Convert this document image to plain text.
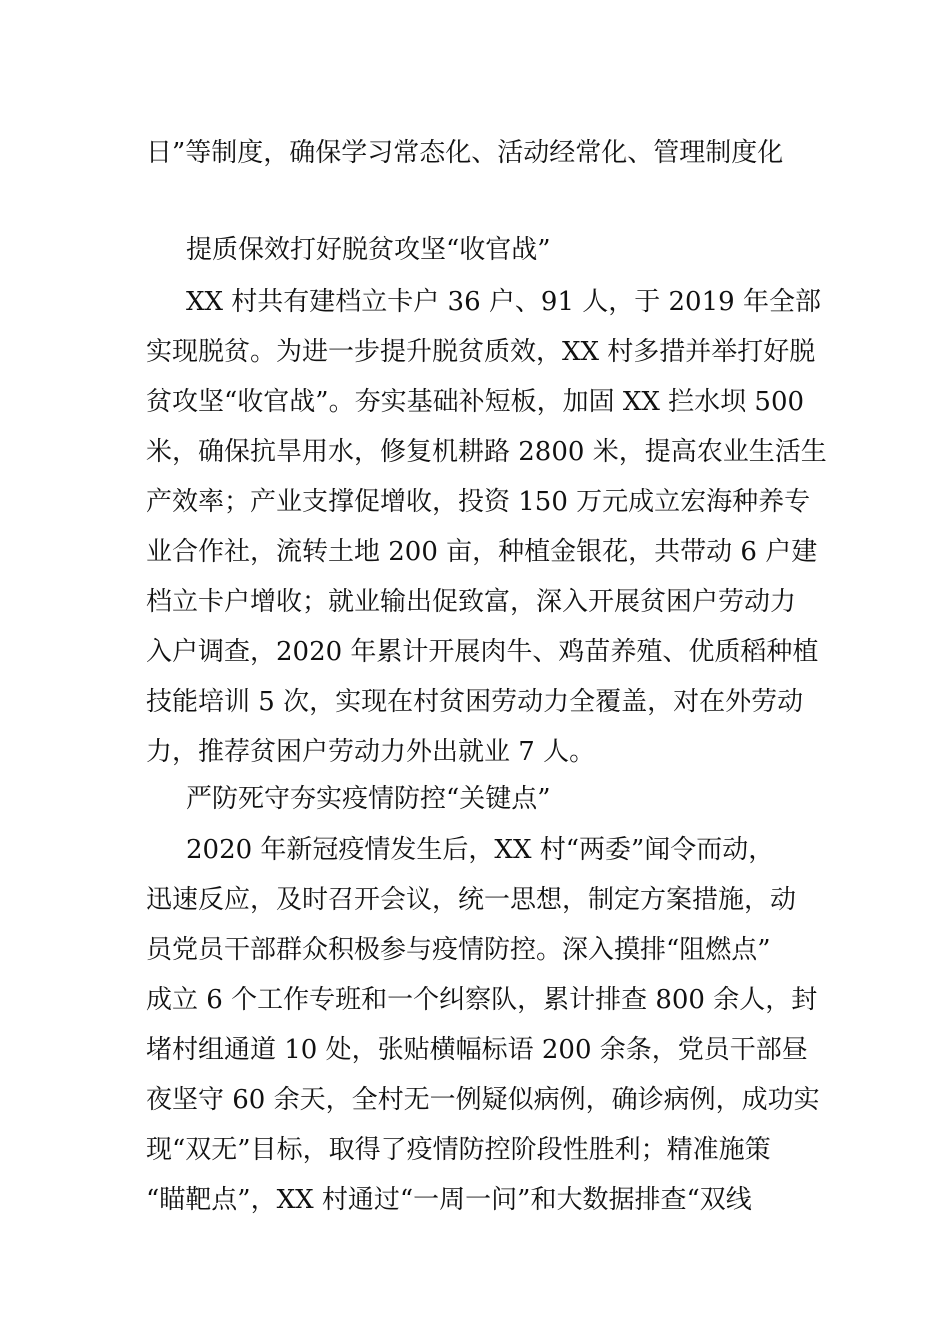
日”等制度，确保学习常态化、活动经常化、管理制度化
提质保效打好脱贫攻坚“收官战”
XX 村共有建档立卡户 36 户、91 人，于 2019 年全部
实现脱贫。为进一步提升脱贫质效，XX 村多措并举打好脱
贫攻坚“收官战”。夯实基础补短板，加固 XX 拦水坝 500
米，确保抗旱用水，修复机耕路 2800 米，提高农业生活生
产效率；产业支撑促增收，投资 150 万元成立宏海种养专
业合作社，流转土地 200 亩，种植金银花，共带动 6 户建
档立卡户增收；就业输出促致富，深入开展贫困户劳动力
入户调查，2020 年累计开展肉牛、鸡苗养殖、优质稻种植
技能培训 5 次，实现在村贫困劳动力全覆盖，对在外劳动
力，推荐贫困户劳动力外出就业 7 人。
严防死守夯实疫情防控“关键点”
2020 年新冠疫情发生后，XX 村“两委”闻令而动，
迅速反应，及时召开会议，统一思想，制定方案措施，动
员党员干部群众积极参与疫情防控。深入摸排“阻燃点”
成立 6 个工作专班和一个纠察队，累计排查 800 余人，封
堵村组通道 10 处，张贴横幅标语 200 余条，党员干部昼
夜坚守 60 余天，全村无一例疑似病例，确诊病例，成功实
现“双无”目标，取得了疫情防控阶段性胜利；精准施策
“瞄靶点”，XX 村通过“一周一问”和大数据排查“双线
